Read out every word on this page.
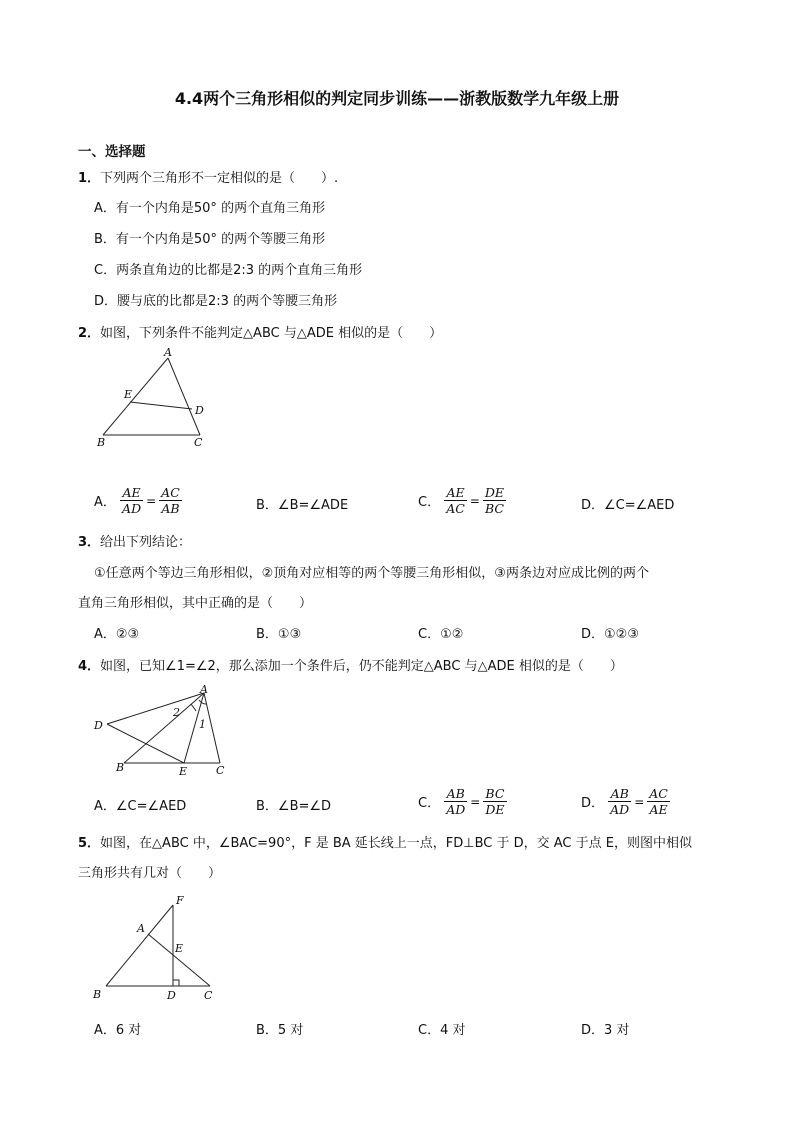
4.4两个三角形相似的判定同步训练——浙教版数学九年级上册
一、选择题
1．下列两个三角形不一定相似的是（　　）.
A．有一个内角是50° 的两个直角三角形
B．有一个内角是50° 的两个等腰三角形
C．两条直角边的比都是2:3 的两个直角三角形
D．腰与底的比都是2:3 的两个等腰三角形
2．如图，下列条件不能判定△ABC 与△ADE 相似的是（　　）
A
E
D
B	C
A． $\frac{AE}{AD} = \frac{AC}{AB}$	B．∠B=∠ADE	C． $\frac{AE}{AC} = \frac{DE}{BC}$	D．∠C=∠AED
3．给出下列结论：
①任意两个等边三角形相似，②顶角对应相等的两个等腰三角形相似，③两条边对应成比例的两个
直角三角形相似，其中正确的是（　　）
A．②③	B．①③	C．①②	D．①②③
4．如图，已知∠1=∠2，那么添加一个条件后，仍不能判定△ABC 与△ADE 相似的是（　　）
A
D
B	E	C
1
2
A．∠C=∠AED	B．∠B=∠D	C． $\frac{AB}{AD} = \frac{BC}{DE}$	D． $\frac{AB}{AD} = \frac{AC}{AE}$
5．如图，在△ABC 中，∠BAC=90°，F 是 BA 延长线上一点，FD⊥BC 于 D，交 AC 于点 E，则图中相似
三角形共有几对（　　）
F
A
E
B	D	C
A．6 对	B．5 对	C．4 对	D．3 对
